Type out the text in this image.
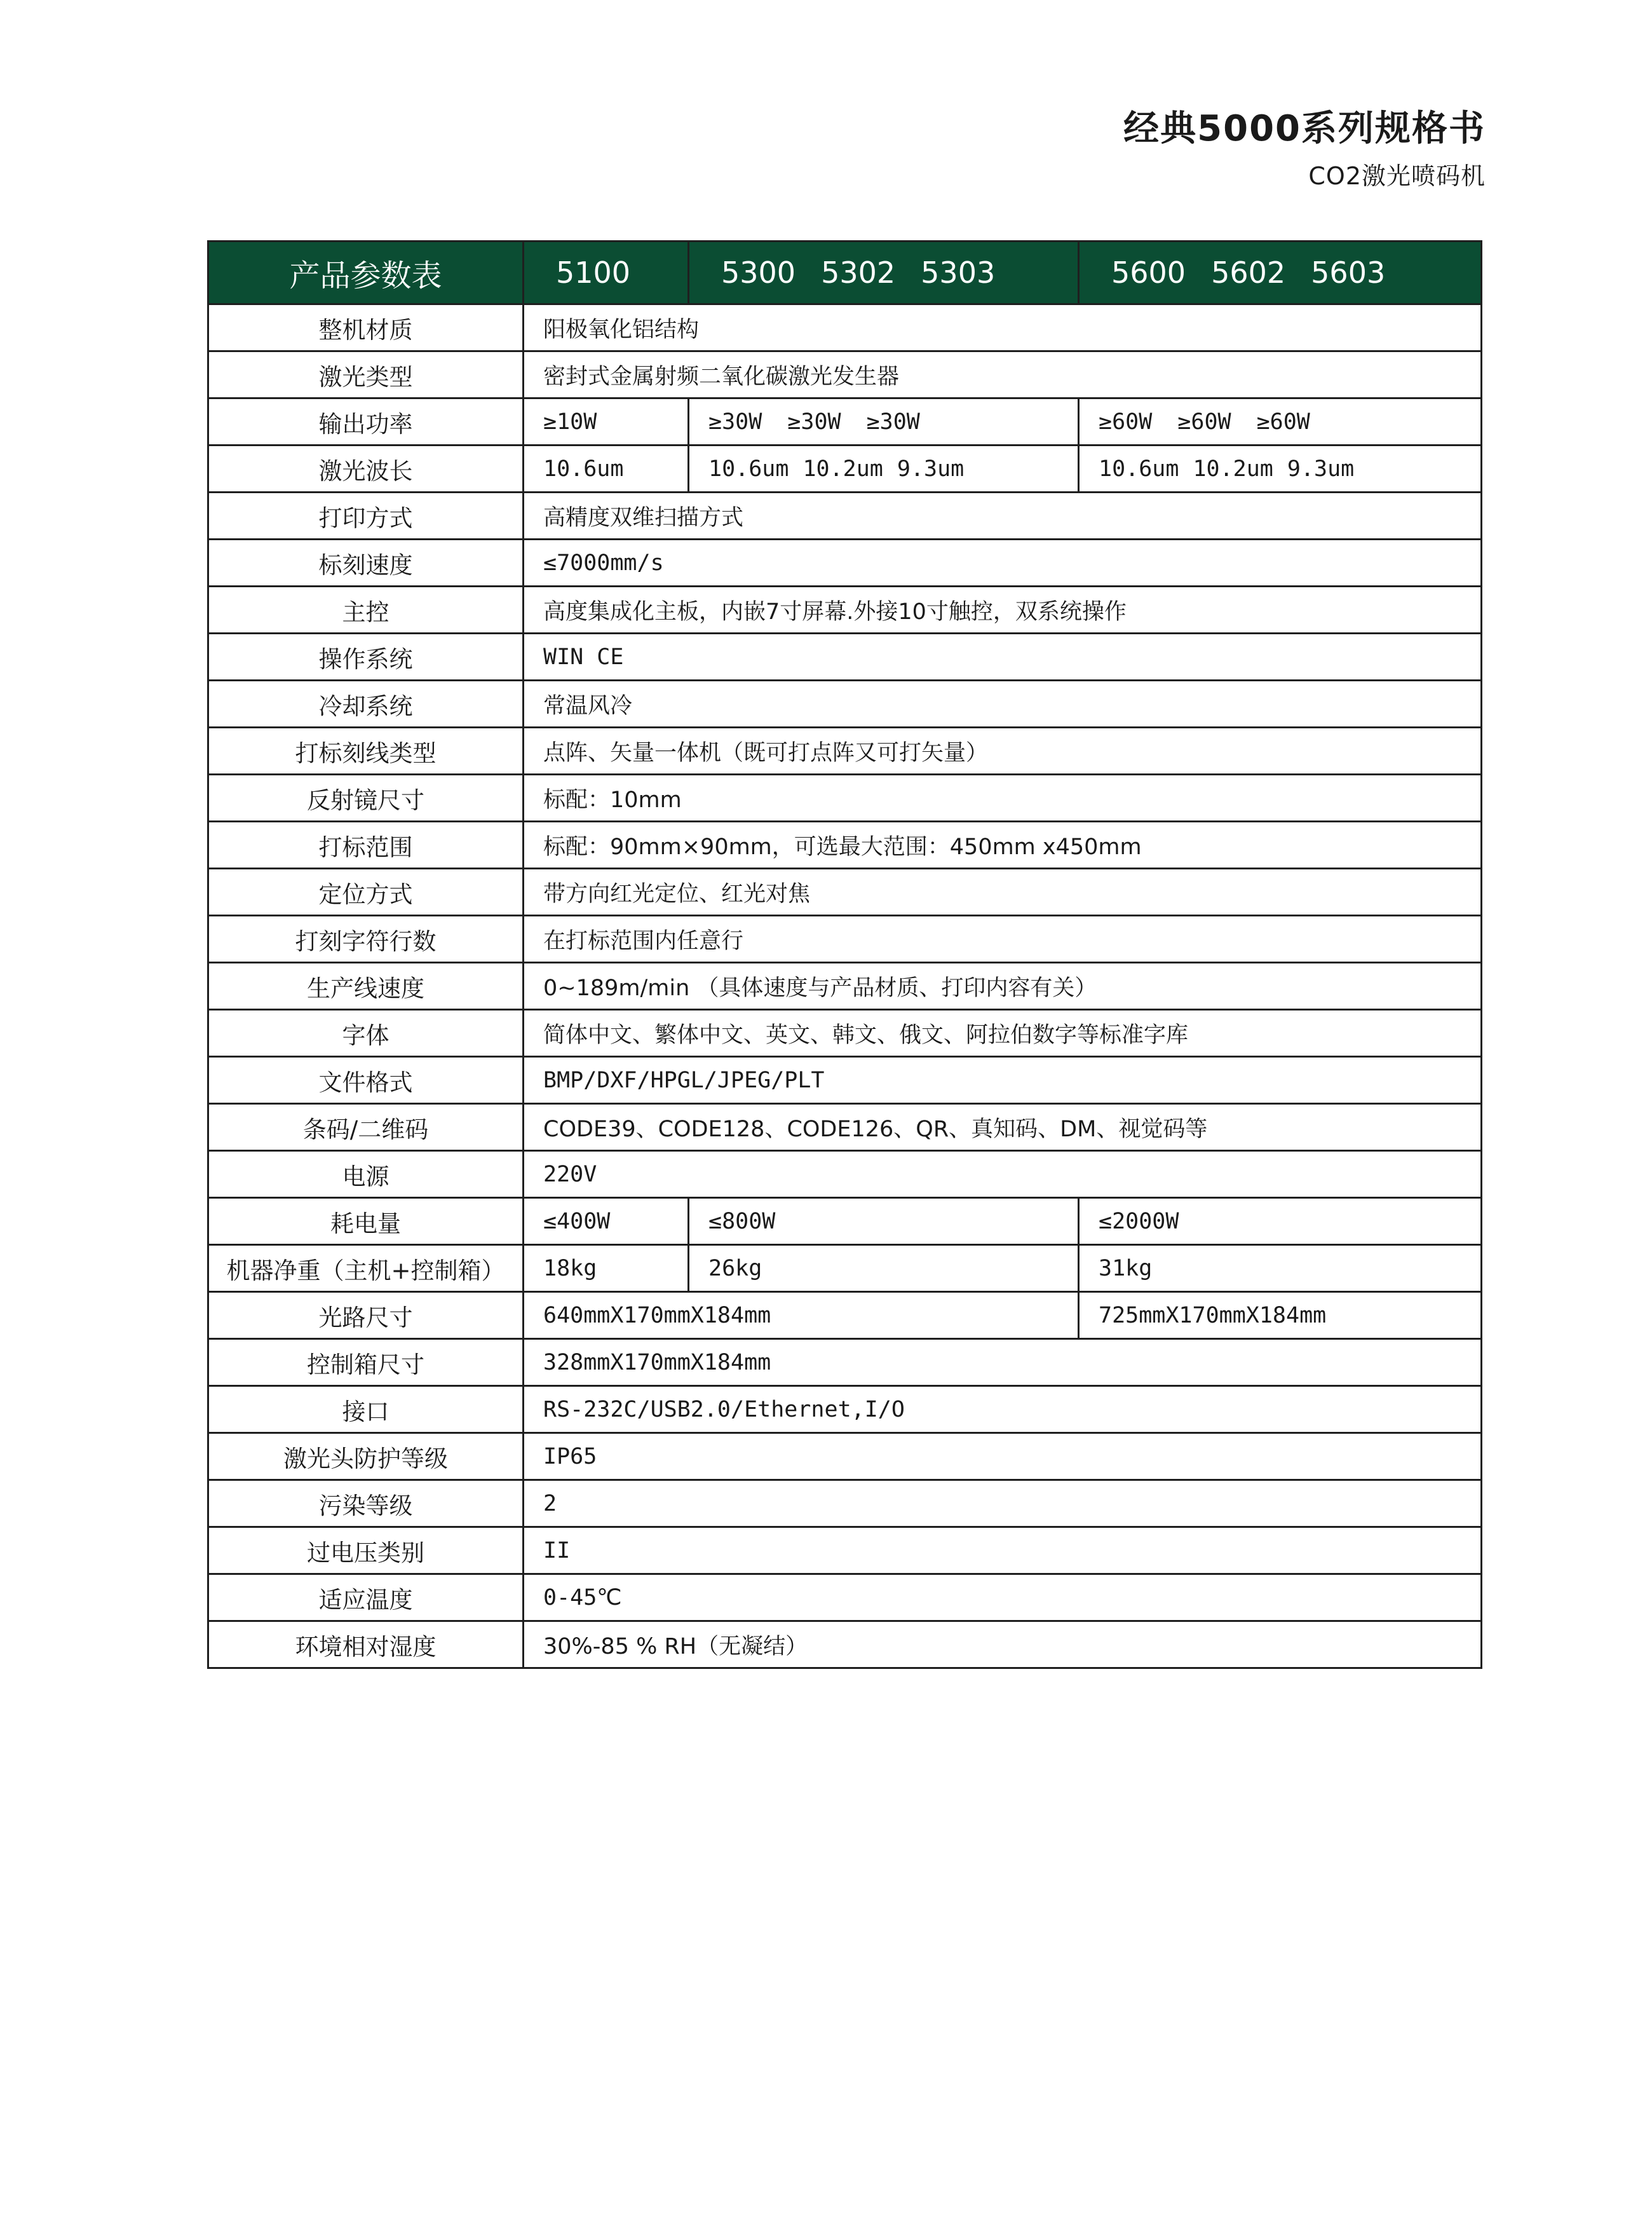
经典5000系列规格书
CO2激光喷码机
产品参数表	5100	5300 5302 5303	5600 5602 5603
整机材质	阳极氧化铝结构		
激光类型	密封式金属射频二氧化碳激光发生器		
输出功率	≥10W	≥30W ≥30W ≥30W	≥60W ≥60W ≥60W
激光波长	10.6um	10.6um 10.2um 9.3um	10.6um 10.2um 9.3um
打印方式	高精度双维扫描方式		
标刻速度	≤7000mm/s		
主控	高度集成化主板，内嵌7寸屏幕.外接10寸触控，双系统操作		
操作系统	WIN CE		
冷却系统	常温风冷		
打标刻线类型	点阵、矢量一体机（既可打点阵又可打矢量）		
反射镜尺寸	标配：10mm		
打标范围	标配：90mm×90mm，可选最大范围：450mm x450mm		
定位方式	带方向红光定位、红光对焦		
打刻字符行数	在打标范围内任意行		
生产线速度	0~189m/min （具体速度与产品材质、打印内容有关）		
字体	简体中文、繁体中文、英文、韩文、俄文、阿拉伯数字等标准字库		
文件格式	BMP/DXF/HPGL/JPEG/PLT		
条码/二维码	CODE39、CODE128、CODE126、QR、真知码、DM、视觉码等		
电源	220V		
耗电量	≤400W	≤800W	≤2000W
机器净重（主机+控制箱）	18kg	26kg	31kg
光路尺寸	640mmX170mmX184mm		725mmX170mmX184mm
控制箱尺寸	328mmX170mmX184mm		
接口	RS-232C/USB2.0/Ethernet,I/O		
激光头防护等级	IP65		
污染等级	2		
过电压类别	II		
适应温度	0-45℃		
环境相对湿度	30%-85 % RH（无凝结）		
